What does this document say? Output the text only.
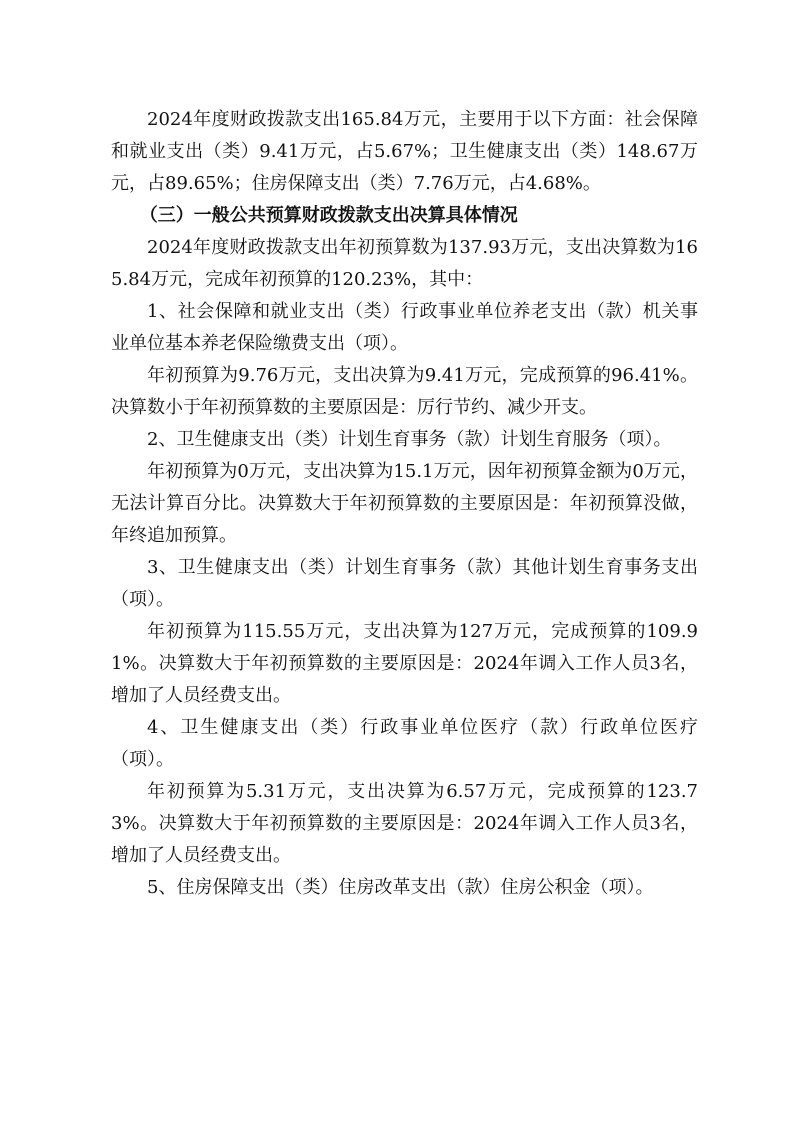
2024年度财政拨款支出165.84万元，主要用于以下方面：社会保障和就业支出（类）9.41万元，占5.67%；卫生健康支出（类）148.67万元，占89.65%；住房保障支出（类）7.76万元，占4.68%。

（三）一般公共预算财政拨款支出决算具体情况

2024年度财政拨款支出年初预算数为137.93万元，支出决算数为165.84万元，完成年初预算的120.23%，其中：

1、社会保障和就业支出（类）行政事业单位养老支出（款）机关事业单位基本养老保险缴费支出（项）。

年初预算为9.76万元，支出决算为9.41万元，完成预算的96.41%。决算数小于年初预算数的主要原因是：厉行节约、减少开支。

2、卫生健康支出（类）计划生育事务（款）计划生育服务（项）。

年初预算为0万元，支出决算为15.1万元，因年初预算金额为0万元，无法计算百分比。决算数大于年初预算数的主要原因是：年初预算没做，年终追加预算。

3、卫生健康支出（类）计划生育事务（款）其他计划生育事务支出（项）。

年初预算为115.55万元，支出决算为127万元，完成预算的109.91%。决算数大于年初预算数的主要原因是：2024年调入工作人员3名，增加了人员经费支出。

4、卫生健康支出（类）行政事业单位医疗（款）行政单位医疗（项）。

年初预算为5.31万元，支出决算为6.57万元，完成预算的123.73%。决算数大于年初预算数的主要原因是：2024年调入工作人员3名，增加了人员经费支出。

5、住房保障支出（类）住房改革支出（款）住房公积金（项）。
